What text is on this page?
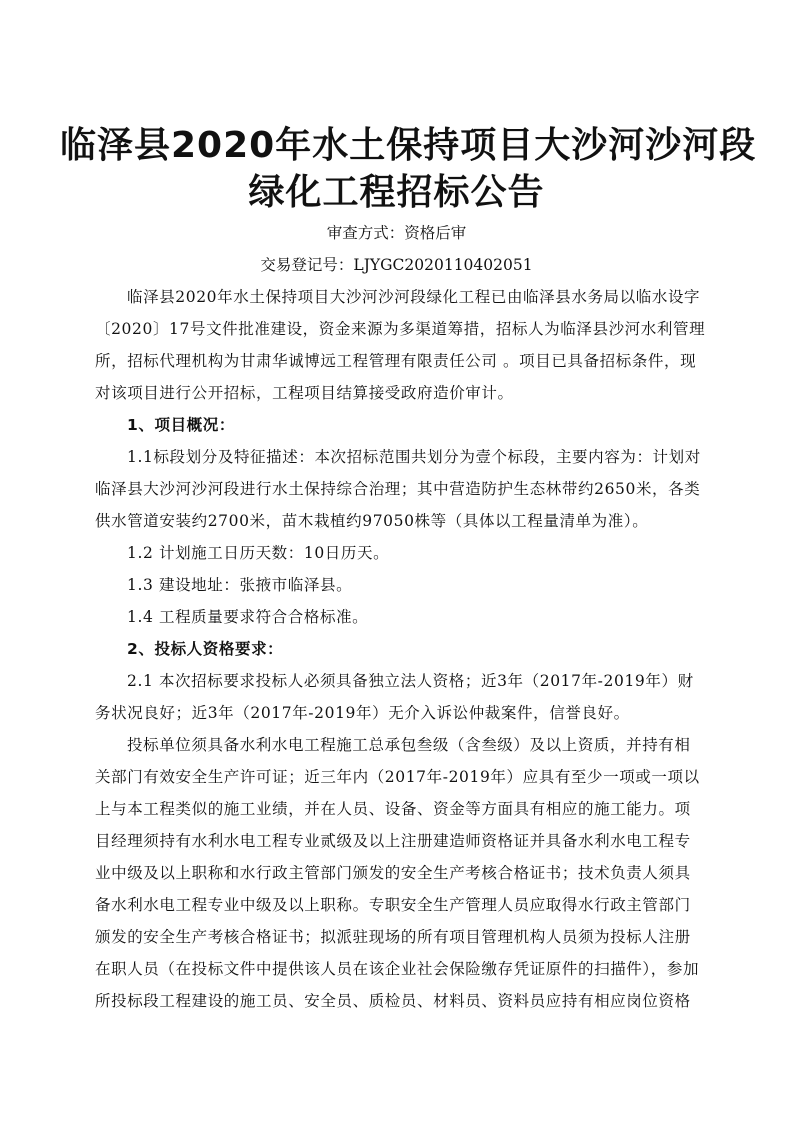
临泽县2020年水土保持项目大沙河沙河段
绿化工程招标公告
审查方式：资格后审
交易登记号：LJYGC2020110402051
临泽县2020年水土保持项目大沙河沙河段绿化工程已由临泽县水务局以临水设字
〔2020〕17号文件批准建设，资金来源为多渠道筹措，招标人为临泽县沙河水利管理
所，招标代理机构为甘肃华诚博远工程管理有限责任公司 。项目已具备招标条件，现
对该项目进行公开招标，工程项目结算接受政府造价审计。
1、项目概况：
1.1标段划分及特征描述：本次招标范围共划分为壹个标段，主要内容为：计划对
临泽县大沙河沙河段进行水土保持综合治理；其中营造防护生态林带约2650米，各类
供水管道安装约2700米，苗木栽植约97050株等（具体以工程量清单为准）。
1.2 计划施工日历天数：10日历天。
1.3 建设地址：张掖市临泽县。
1.4 工程质量要求符合合格标准。
2、投标人资格要求：
2.1 本次招标要求投标人必须具备独立法人资格；近3年（2017年-2019年）财
务状况良好；近3年（2017年-2019年）无介入诉讼仲裁案件，信誉良好。
投标单位须具备水利水电工程施工总承包叁级（含叁级）及以上资质，并持有相
关部门有效安全生产许可证；近三年内（2017年-2019年）应具有至少一项或一项以
上与本工程类似的施工业绩，并在人员、设备、资金等方面具有相应的施工能力。项
目经理须持有水利水电工程专业贰级及以上注册建造师资格证并具备水利水电工程专
业中级及以上职称和水行政主管部门颁发的安全生产考核合格证书；技术负责人须具
备水利水电工程专业中级及以上职称。专职安全生产管理人员应取得水行政主管部门
颁发的安全生产考核合格证书；拟派驻现场的所有项目管理机构人员须为投标人注册
在职人员（在投标文件中提供该人员在该企业社会保险缴存凭证原件的扫描件），参加
所投标段工程建设的施工员、安全员、质检员、材料员、资料员应持有相应岗位资格
